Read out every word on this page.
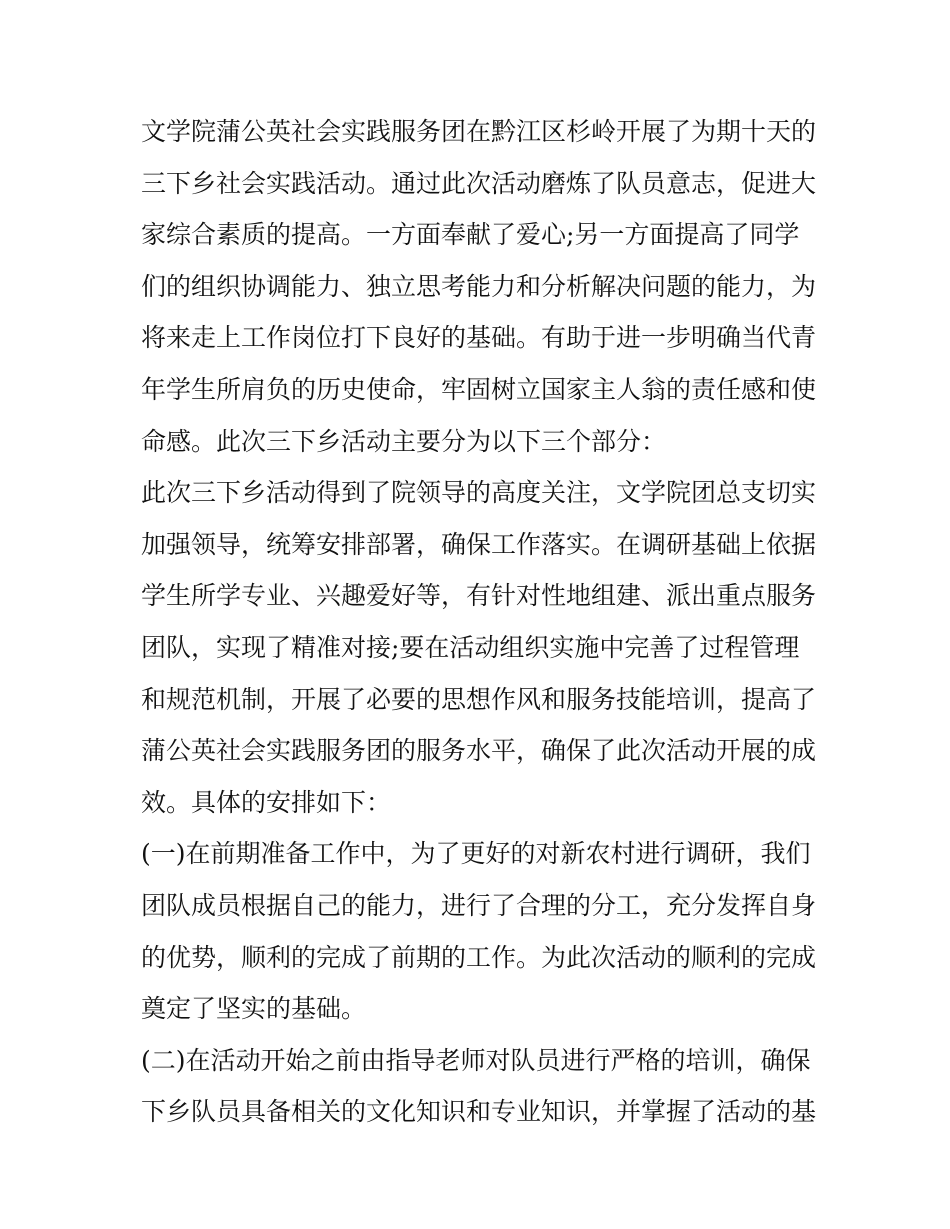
文学院蒲公英社会实践服务团在黔江区杉岭开展了为期十天的
三下乡社会实践活动。通过此次活动磨炼了队员意志，促进大
家综合素质的提高。一方面奉献了爱心;另一方面提高了同学
们的组织协调能力、独立思考能力和分析解决问题的能力，为
将来走上工作岗位打下良好的基础。有助于进一步明确当代青
年学生所肩负的历史使命，牢固树立国家主人翁的责任感和使
命感。此次三下乡活动主要分为以下三个部分：
此次三下乡活动得到了院领导的高度关注，文学院团总支切实
加强领导，统筹安排部署，确保工作落实。在调研基础上依据
学生所学专业、兴趣爱好等，有针对性地组建、派出重点服务
团队，实现了精准对接;要在活动组织实施中完善了过程管理
和规范机制，开展了必要的思想作风和服务技能培训，提高了
蒲公英社会实践服务团的服务水平，确保了此次活动开展的成
效。具体的安排如下：
(一)在前期准备工作中，为了更好的对新农村进行调研，我们
团队成员根据自己的能力，进行了合理的分工，充分发挥自身
的优势，顺利的完成了前期的工作。为此次活动的顺利的完成
奠定了坚实的基础。
(二)在活动开始之前由指导老师对队员进行严格的培训，确保
下乡队员具备相关的文化知识和专业知识，并掌握了活动的基
